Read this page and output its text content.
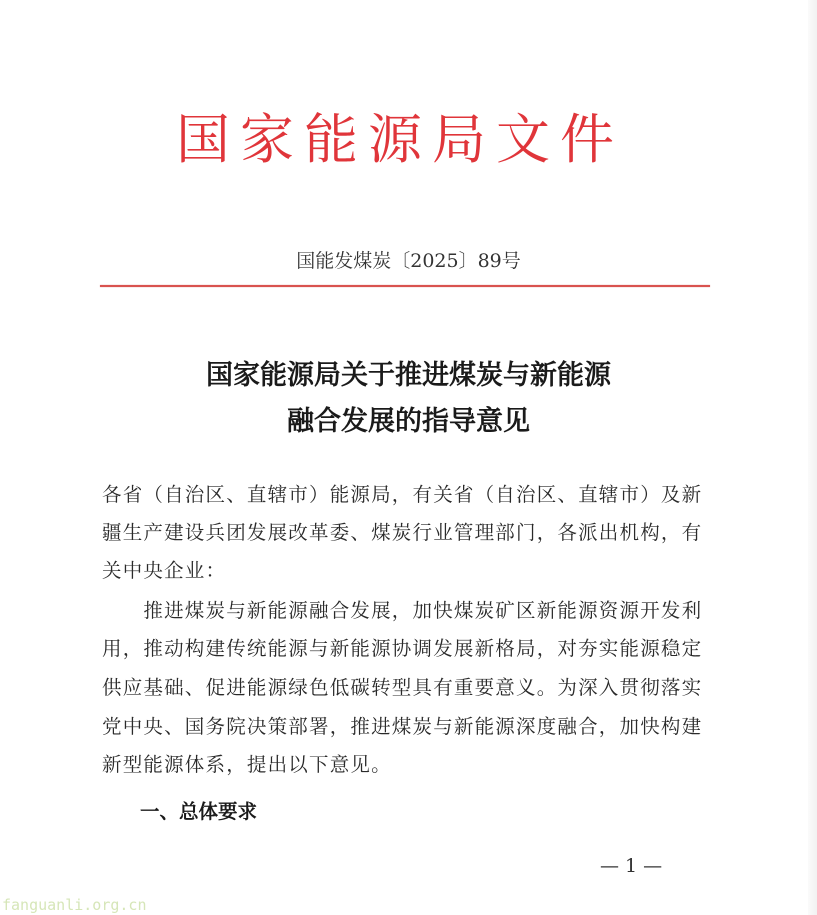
国家能源局文件
国能发煤炭〔2025〕89号
国家能源局关于推进煤炭与新能源
融合发展的指导意见
各省（自治区、直辖市）能源局，有关省（自治区、直辖市）及新
疆生产建设兵团发展改革委、煤炭行业管理部门，各派出机构，有
关中央企业：
　　推进煤炭与新能源融合发展，加快煤炭矿区新能源资源开发利
用，推动构建传统能源与新能源协调发展新格局，对夯实能源稳定
供应基础、促进能源绿色低碳转型具有重要意义。为深入贯彻落实
党中央、国务院决策部署，推进煤炭与新能源深度融合，加快构建
新型能源体系，提出以下意见。
一、总体要求
— 1 —
fanguanli.org.cn
